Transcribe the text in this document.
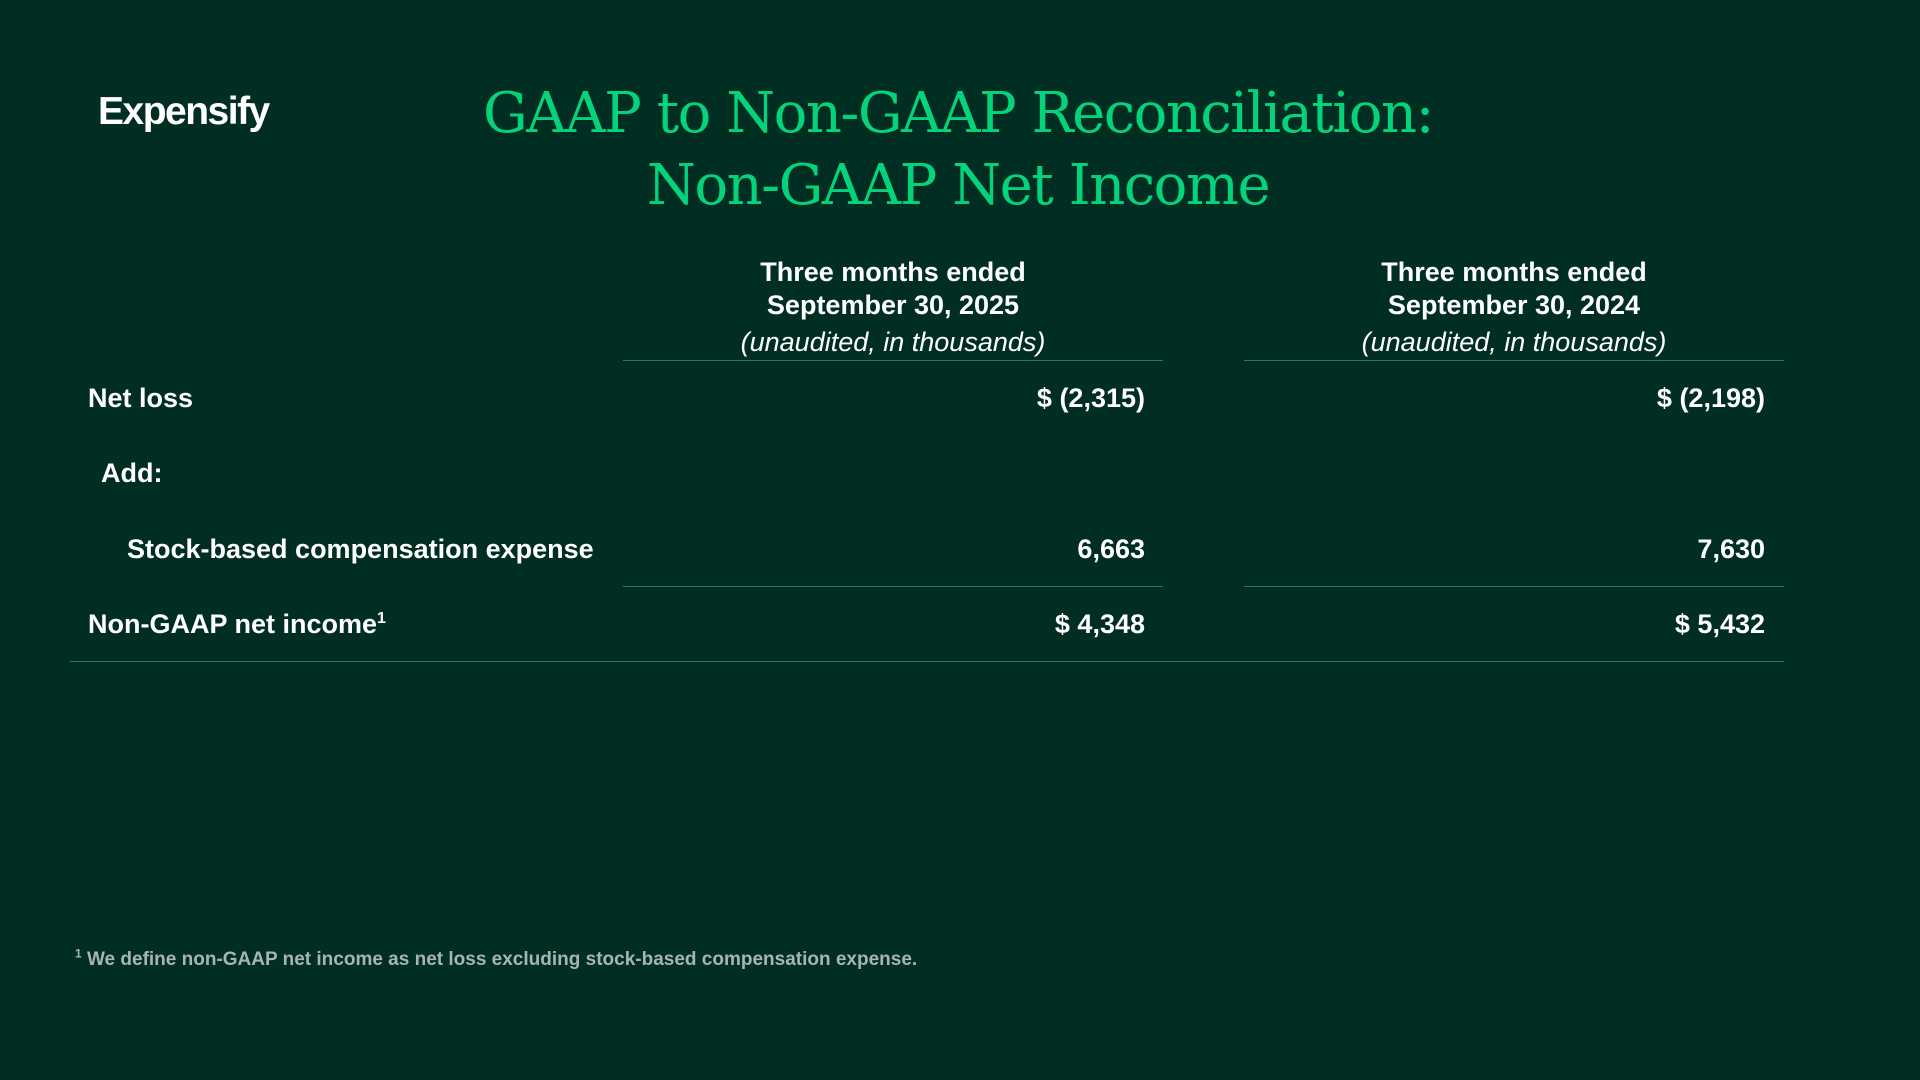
Expensify	GAAP to Non-GAAP Reconciliation:
Non-GAAP Net Income
Three months ended
September 30, 2025
(unaudited, in thousands)
Three months ended
September 30, 2024
(unaudited, in thousands)
Net loss	$ (2,315)	$ (2,198)
Add:
Stock-based compensation expense	6,663	7,630
Non-GAAP net income$^1$	$ 4,348	$ 5,432
$^1$ We define non-GAAP net income as net loss excluding stock-based compensation expense.
